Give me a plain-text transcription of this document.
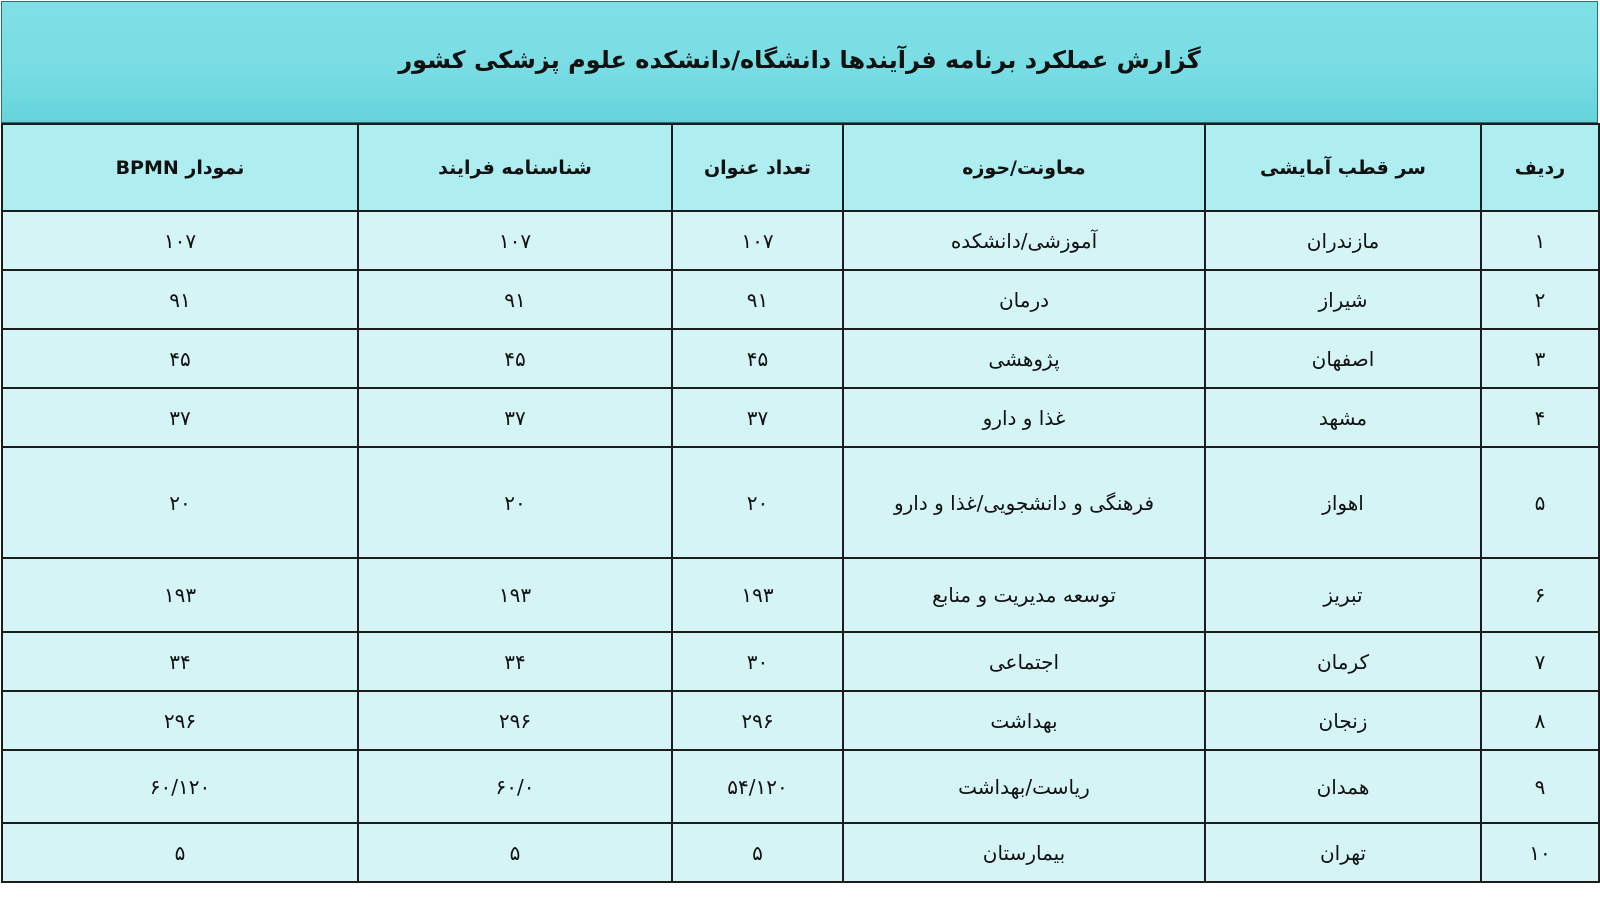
گزارش عملکرد برنامه فرآیندها دانشگاه/دانشکده علوم پزشکی کشور
ردیف	سر قطب آمایشی	معاونت/حوزه	تعداد عنوان	شناسنامه فرایند	نمودار BPMN
۱	مازندران	آموزشی/دانشکده	۱۰۷	۱۰۷	۱۰۷
۲	شیراز	درمان	۹۱	۹۱	۹۱
۳	اصفهان	پژوهشی	۴۵	۴۵	۴۵
۴	مشهد	غذا و دارو	۳۷	۳۷	۳۷
۵	اهواز	فرهنگی و دانشجویی/غذا و دارو	۲۰	۲۰	۲۰
۶	تبریز	توسعه مدیریت و منابع	۱۹۳	۱۹۳	۱۹۳
۷	کرمان	اجتماعی	۳۰	۳۴	۳۴
۸	زنجان	بهداشت	۲۹۶	۲۹۶	۲۹۶
۹	همدان	ریاست/بهداشت	۵۴/۱۲۰	۶۰/۰	۶۰/۱۲۰
۱۰	تهران	بیمارستان	۵	۵	۵
